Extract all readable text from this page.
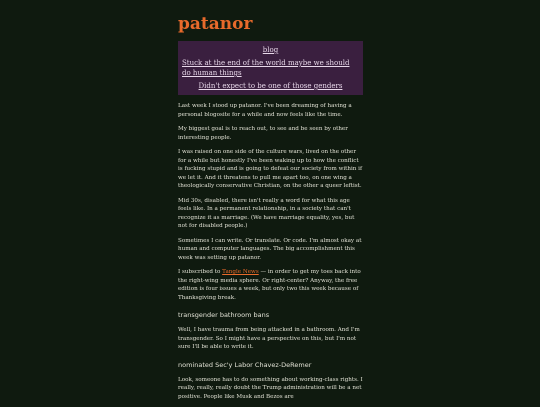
patanor
blog
Stuck at the end of the world maybe we should do human things
Didn't expect to be one of those genders

Last week I stood up patanor. I've been dreaming of having a personal blogosite for a while and now feels like the time.

My biggest goal is to reach out, to see and be seen by other interesting people.

I was raised on one side of the culture wars, lived on the other for a while but honestly I've been waking up to how the conflict is fucking stupid and is going to defeat our society from within if we let it. And it threatens to pull me apart too, on one wing a theologically conservative Christian, on the other a queer leftist.

Mid 30s, disabled, there isn't really a word for what this age feels like. In a permanent relationship, in a society that can't recognize it as marriage. (We have marriage equality, yes, but not for disabled people.)

Sometimes I can write. Or translate. Or code. I'm almost okay at human and computer languages. The big accomplishment this week was setting up patanor.

I subscribed to Tangle News — in order to get my toes back into the right-wing media sphere. Or right-center? Anyway, the free edition is four issues a week, but only two this week because of Thanksgiving break.

transgender bathroom bans

Well, I have trauma from being attacked in a bathroom. And I'm transgender. So I might have a perspective on this, but I'm not sure I'll be able to write it.

nominated Sec'y Labor Chavez-DeRemer

Look, someone has to do something about working-class rights. I really, really, really doubt the Trump administration will be a net positive. People like Musk and Bezos are
